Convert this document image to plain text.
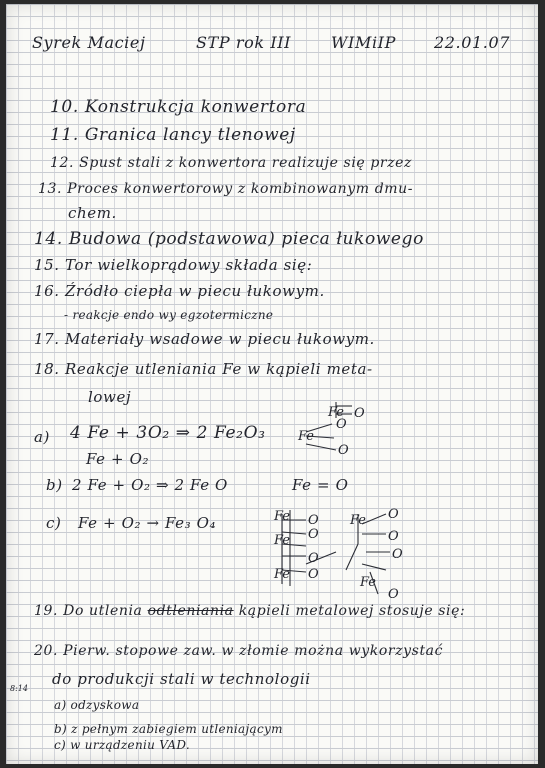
Syrek Maciej	STP rok III WIMiIP 22.01.07
10. Konstrukcja konwertora
11. Granica lancy tlenowej
12. Spust stali z konwertora realizuje się przez
13. Proces konwertorowy z kombinowanym dmu-
chem.
14. Budowa (podstawowa) pieca łukowego
15. Tor wielkoprądowy składa się:
16. Źródło ciepła w piecu łukowym.
- reakcje endo wy egzotermiczne
17. Materiały wsadowe w piecu łukowym.
18. Reakcje utleniania Fe w kąpieli meta-
lowej
a) 4 Fe + 3O₂ ⇒ 2 Fe₂O₃
Fe + O₂
b) 2 Fe + O₂ ⇒ 2 Fe O	Fe = O
c) Fe + O₂ → Fe₃ O₄
Fe O
Fe
O
O
Fe O
Fe O
O
Fe O
Fe O
O
O
Fe
O
19. Do utlenia odtleniania kąpieli metalowej stosuje się:
20. Pierw. stopowe zaw. w złomie można wykorzystać
do produkcji stali w technologii
8:14
a) odzyskowa
b) z pełnym zabiegiem utleniającym
c) w urządzeniu VAD.
